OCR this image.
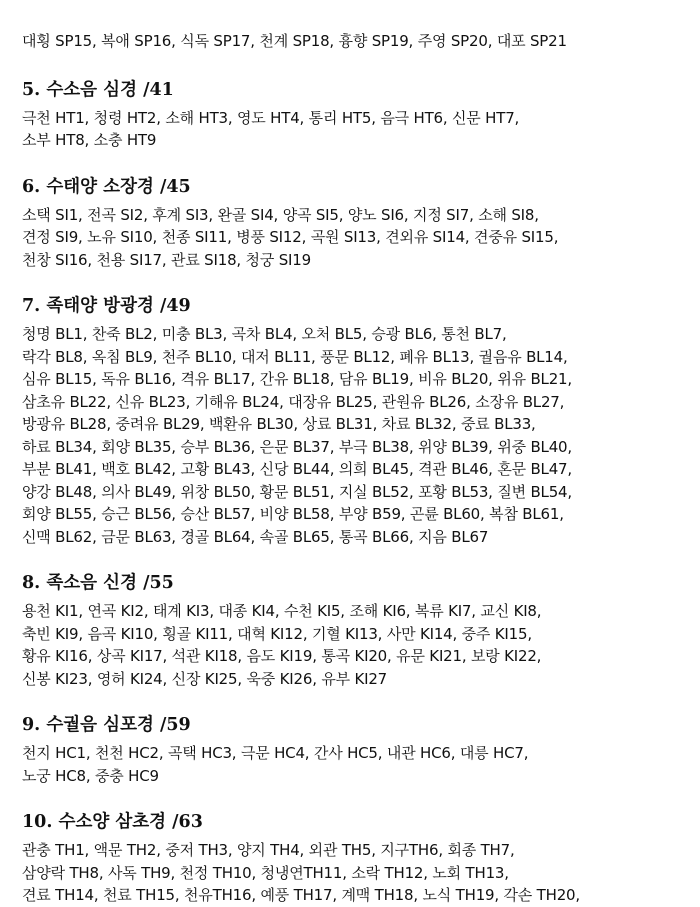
대횡 SP15, 복애 SP16, 식독 SP17, 천계 SP18, 흉향 SP19, 주영 SP20, 대포 SP21
5. 수소음 심경 /41
극천 HT1, 청령 HT2, 소해 HT3, 영도 HT4, 통리 HT5, 음극 HT6, 신문 HT7,
소부 HT8, 소충 HT9
6. 수태양 소장경 /45
소택 SI1, 전곡 SI2, 후계 SI3, 완골 SI4, 양곡 SI5, 양노 SI6, 지정 SI7, 소해 SI8,
견정 SI9, 노유 SI10, 천종 SI11, 병풍 SI12, 곡원 SI13, 견외유 SI14, 견중유 SI15,
천창 SI16, 천용 SI17, 관료 SI18, 청궁 SI19
7. 족태양 방광경 /49
청명 BL1, 찬죽 BL2, 미충 BL3, 곡차 BL4, 오처 BL5, 승광 BL6, 통천 BL7,
락각 BL8, 옥침 BL9, 천주 BL10, 대저 BL11, 풍문 BL12, 폐유 BL13, 궐음유 BL14,
심유 BL15, 독유 BL16, 격유 BL17, 간유 BL18, 담유 BL19, 비유 BL20, 위유 BL21,
삼초유 BL22, 신유 BL23, 기해유 BL24, 대장유 BL25, 관원유 BL26, 소장유 BL27,
방광유 BL28, 중려유 BL29, 백환유 BL30, 상료 BL31, 차료 BL32, 중료 BL33,
하료 BL34, 회양 BL35, 승부 BL36, 은문 BL37, 부극 BL38, 위양 BL39, 위중 BL40,
부분 BL41, 백호 BL42, 고황 BL43, 신당 BL44, 의희 BL45, 격관 BL46, 혼문 BL47,
양강 BL48, 의사 BL49, 위창 BL50, 황문 BL51, 지실 BL52, 포황 BL53, 질변 BL54,
회양 BL55, 승근 BL56, 승산 BL57, 비양 BL58, 부양 B59, 곤륜 BL60, 복참 BL61,
신맥 BL62, 금문 BL63, 경골 BL64, 속골 BL65, 통곡 BL66, 지음 BL67
8. 족소음 신경 /55
용천 KI1, 연곡 KI2, 태계 KI3, 대종 KI4, 수천 KI5, 조해 KI6, 복류 KI7, 교신 KI8,
축빈 KI9, 음곡 KI10, 횡골 KI11, 대혁 KI12, 기혈 KI13, 사만 KI14, 중주 KI15,
황유 KI16, 상곡 KI17, 석관 KI18, 음도 KI19, 통곡 KI20, 유문 KI21, 보랑 KI22,
신봉 KI23, 영허 KI24, 신장 KI25, 욱중 KI26, 유부 KI27
9. 수궐음 심포경 /59
천지 HC1, 천천 HC2, 곡택 HC3, 극문 HC4, 간사 HC5, 내관 HC6, 대릉 HC7,
노궁 HC8, 중충 HC9
10. 수소양 삼초경 /63
관충 TH1, 액문 TH2, 중저 TH3, 양지 TH4, 외관 TH5, 지구TH6, 회종 TH7,
삼양락 TH8, 사독 TH9, 천정 TH10, 청냉연TH11, 소락 TH12, 노회 TH13,
견료 TH14, 천료 TH15, 천유TH16, 예풍 TH17, 계맥 TH18, 노식 TH19, 각손 TH20,
